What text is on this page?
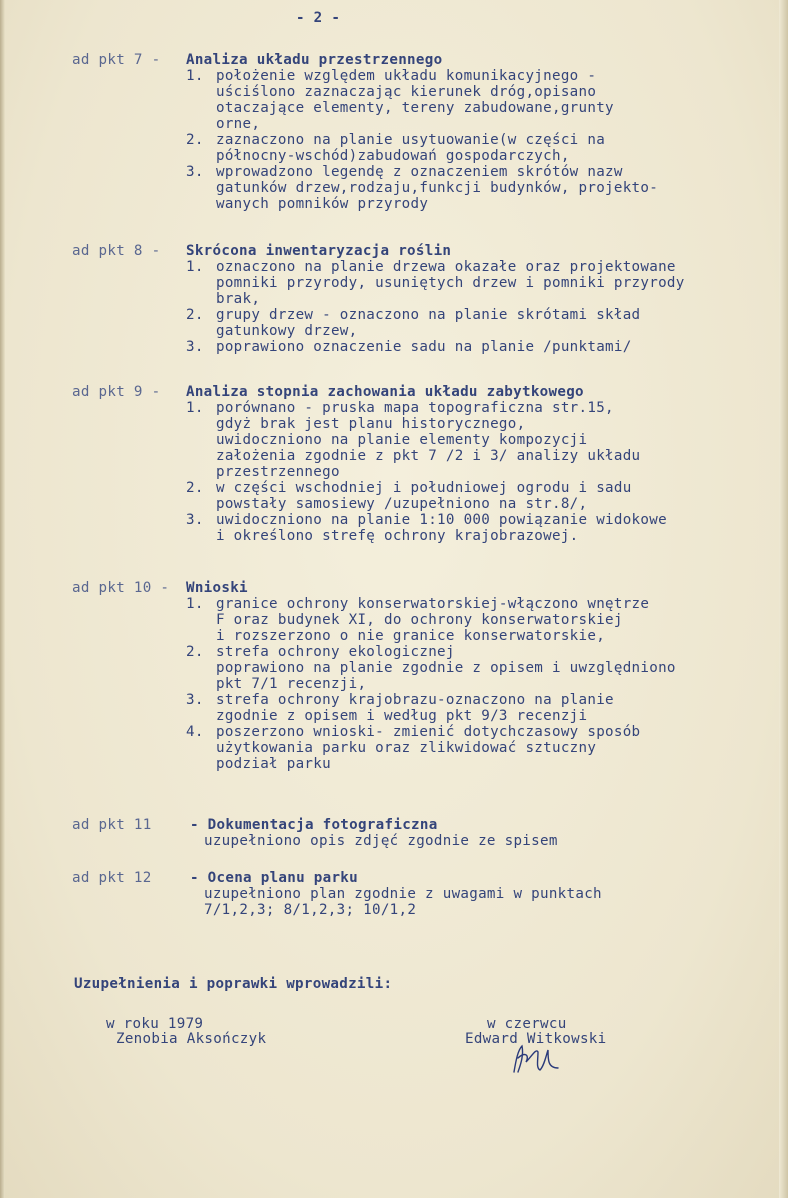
- 2 -
ad pkt 7 - Analiza układu przestrzennego
1. położenie względem układu komunikacyjnego -
uściślono zaznaczając kierunek dróg,opisano
otaczające elementy, tereny zabudowane,grunty
orne,
2. zaznaczono na planie usytuowanie(w części na
północny-wschód)zabudowań gospodarczych,
3. wprowadzono legendę z oznaczeniem skrótów nazw
gatunków drzew,rodzaju,funkcji budynków, projekto-
wanych pomników przyrody
ad pkt 8 - Skrócona inwentaryzacja roślin
1. oznaczono na planie drzewa okazałe oraz projektowane
pomniki przyrody, usuniętych drzew i pomniki przyrody
brak,
2. grupy drzew - oznaczono na planie skrótami skład
gatunkowy drzew,
3. poprawiono oznaczenie sadu na planie /punktami/
ad pkt 9 - Analiza stopnia zachowania układu zabytkowego
1. porównano - pruska mapa topograficzna str.15,
gdyż brak jest planu historycznego,
uwidoczniono na planie elementy kompozycji
założenia zgodnie z pkt 7 /2 i 3/ analizy układu
przestrzennego
2. w części wschodniej i południowej ogrodu i sadu
powstały samosiewy /uzupełniono na str.8/,
3. uwidoczniono na planie 1:10 000 powiązanie widokowe
i określono strefę ochrony krajobrazowej.
ad pkt 10 - Wnioski
1. granice ochrony konserwatorskiej-włączono wnętrze
F oraz budynek XI, do ochrony konserwatorskiej
i rozszerzono o nie granice konserwatorskie,
2. strefa ochrony ekologicznej
poprawiono na planie zgodnie z opisem i uwzględniono
pkt 7/1 recenzji,
3. strefa ochrony krajobrazu-oznaczono na planie
zgodnie z opisem i według pkt 9/3 recenzji
4. poszerzono wnioski- zmienić dotychczasowy sposób
użytkowania parku oraz zlikwidować sztuczny
podział parku
ad pkt 11	- Dokumentacja fotograficzna
uzupełniono opis zdjęć zgodnie ze spisem
ad pkt 12	- Ocena planu parku
uzupełniono plan zgodnie z uwagami w punktach
7/1,2,3; 8/1,2,3; 10/1,2
Uzupełnienia i poprawki wprowadzili:
w roku 1979
Zenobia Aksończyk
w czerwcu
Edward Witkowski
